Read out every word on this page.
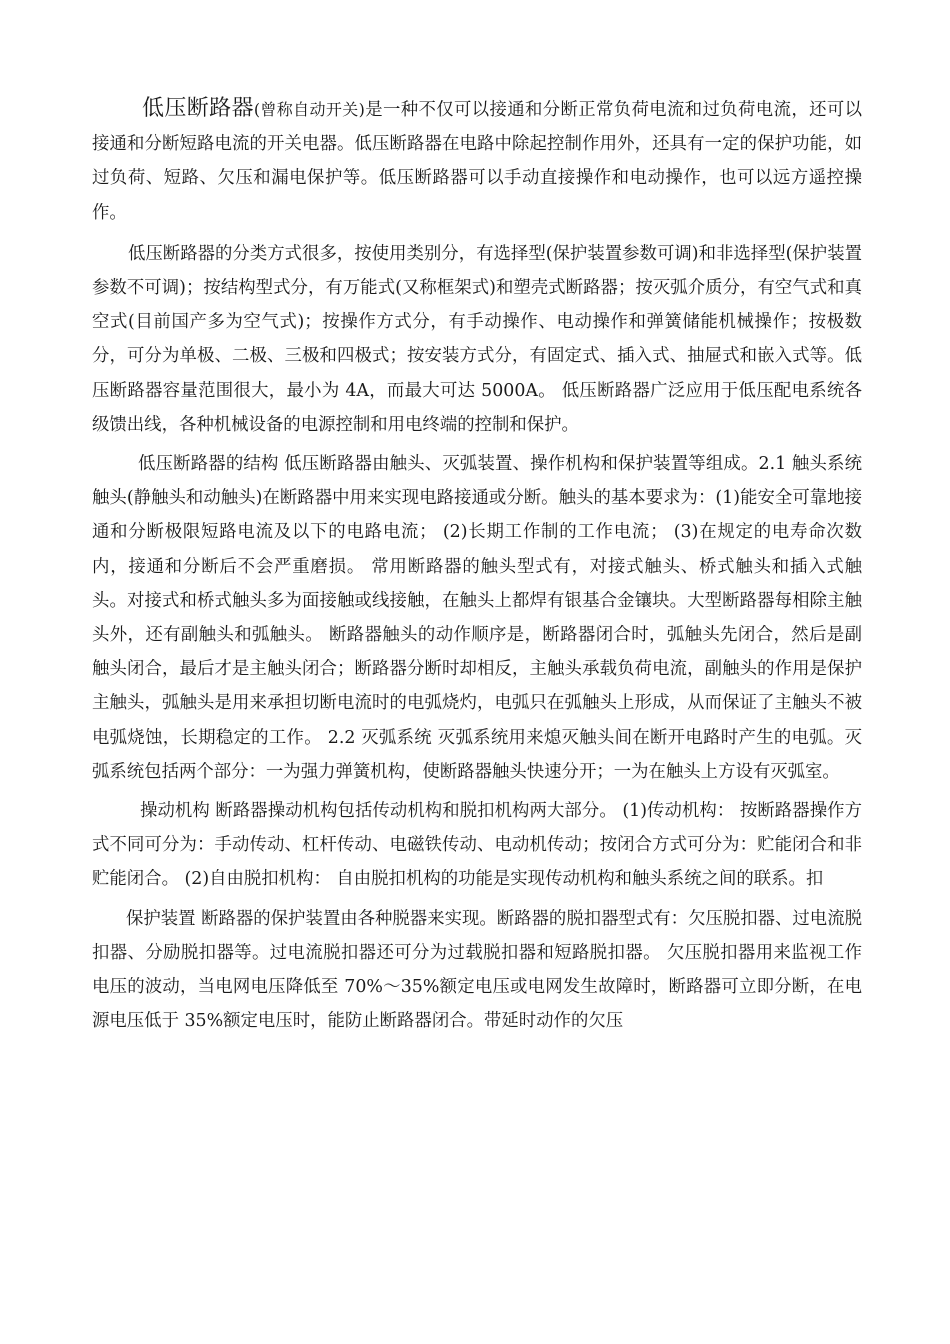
低压断路器(曾称自动开关)是一种不仅可以接通和分断正常负荷电流和过负荷电流，还可以接通和分断短路电流的开关电器。低压断路器在电路中除起控制作用外，还具有一定的保护功能，如过负荷、短路、欠压和漏电保护等。低压断路器可以手动直接操作和电动操作，也可以远方遥控操作。

低压断路器的分类方式很多，按使用类别分，有选择型(保护装置参数可调)和非选择型(保护装置参数不可调)；按结构型式分，有万能式(又称框架式)和塑壳式断路器；按灭弧介质分，有空气式和真空式(目前国产多为空气式)；按操作方式分，有手动操作、电动操作和弹簧储能机械操作；按极数分，可分为单极、二极、三极和四极式；按安装方式分，有固定式、插入式、抽屉式和嵌入式等。低压断路器容量范围很大，最小为 4A，而最大可达 5000A。 低压断路器广泛应用于低压配电系统各级馈出线，各种机械设备的电源控制和用电终端的控制和保护。

低压断路器的结构 低压断路器由触头、灭弧装置、操作机构和保护装置等组成。2.1 触头系统 触头(静触头和动触头)在断路器中用来实现电路接通或分断。触头的基本要求为：(1)能安全可靠地接通和分断极限短路电流及以下的电路电流； (2)长期工作制的工作电流； (3)在规定的电寿命次数内，接通和分断后不会严重磨损。 常用断路器的触头型式有，对接式触头、桥式触头和插入式触头。对接式和桥式触头多为面接触或线接触，在触头上都焊有银基合金镶块。大型断路器每相除主触头外，还有副触头和弧触头。 断路器触头的动作顺序是，断路器闭合时，弧触头先闭合，然后是副触头闭合，最后才是主触头闭合；断路器分断时却相反，主触头承载负荷电流，副触头的作用是保护主触头，弧触头是用来承担切断电流时的电弧烧灼，电弧只在弧触头上形成，从而保证了主触头不被电弧烧蚀，长期稳定的工作。 2.2 灭弧系统 灭弧系统用来熄灭触头间在断开电路时产生的电弧。灭弧系统包括两个部分：一为强力弹簧机构，使断路器触头快速分开；一为在触头上方设有灭弧室。

操动机构 断路器操动机构包括传动机构和脱扣机构两大部分。 (1)传动机构： 按断路器操作方式不同可分为：手动传动、杠杆传动、电磁铁传动、电动机传动；按闭合方式可分为：贮能闭合和非贮能闭合。 (2)自由脱扣机构： 自由脱扣机构的功能是实现传动机构和触头系统之间的联系。扣

保护装置 断路器的保护装置由各种脱器来实现。断路器的脱扣器型式有：欠压脱扣器、过电流脱扣器、分励脱扣器等。过电流脱扣器还可分为过载脱扣器和短路脱扣器。 欠压脱扣器用来监视工作电压的波动，当电网电压降低至 70%～35%额定电压或电网发生故障时，断路器可立即分断，在电源电压低于 35%额定电压时，能防止断路器闭合。带延时动作的欠压
